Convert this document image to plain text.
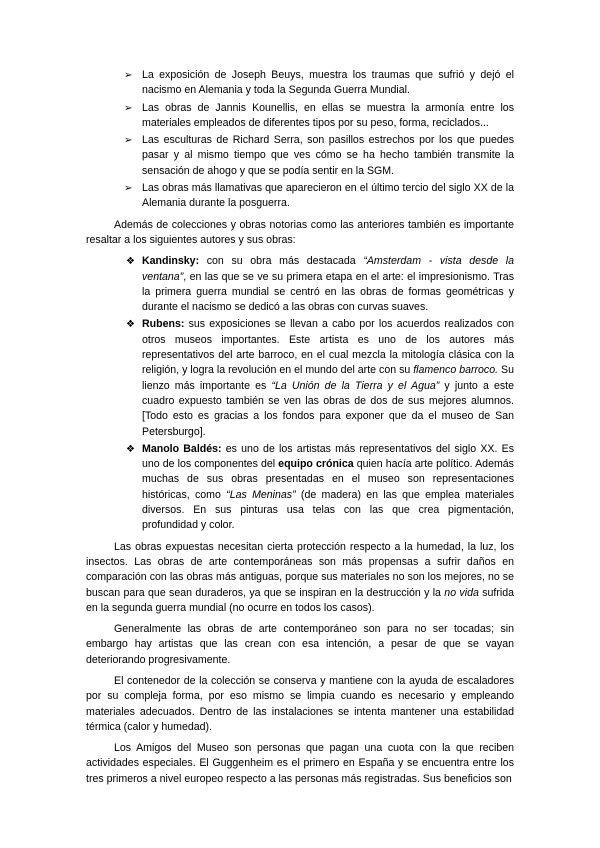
➢ La exposición de Joseph Beuys, muestra los traumas que sufrió y dejó el nacismo en Alemania y toda la Segunda Guerra Mundial.
➢ Las obras de Jannis Kounellis, en ellas se muestra la armonía entre los materiales empleados de diferentes tipos por su peso, forma, reciclados...
➢ Las esculturas de Richard Serra, son pasillos estrechos por los que puedes pasar y al mismo tiempo que ves cómo se ha hecho también transmite la sensación de ahogo y que se podía sentir en la SGM.
➢ Las obras más llamativas que aparecieron en el último tercio del siglo XX de la Alemania durante la posguerra.

Además de colecciones y obras notorias como las anteriores también es importante resaltar a los siguientes autores y sus obras:

❖ Kandinsky: con su obra más destacada “Amsterdam - vista desde la ventana”, en las que se ve su primera etapa en el arte: el impresionismo. Tras la primera guerra mundial se centró en las obras de formas geométricas y durante el nacismo se dedicó a las obras con curvas suaves.
❖ Rubens: sus exposiciones se llevan a cabo por los acuerdos realizados con otros museos importantes. Este artista es uno de los autores más representativos del arte barroco, en el cual mezcla la mitología clásica con la religión, y logra la revolución en el mundo del arte con su flamenco barroco. Su lienzo más importante es “La Unión de la Tierra y el Agua” y junto a este cuadro expuesto también se ven las obras de dos de sus mejores alumnos. [Todo esto es gracias a los fondos para exponer que da el museo de San Petersburgo].
❖ Manolo Baldés: es uno de los artistas más representativos del siglo XX. Es uno de los componentes del equipo crónica quien hacía arte político. Además muchas de sus obras presentadas en el museo son representaciones históricas, como “Las Meninas” (de madera) en las que emplea materiales diversos. En sus pinturas usa telas con las que crea pigmentación, profundidad y color.

Las obras expuestas necesitan cierta protección respecto a la humedad, la luz, los insectos. Las obras de arte contemporáneas son más propensas a sufrir daños en comparación con las obras más antiguas, porque sus materiales no son los mejores, no se buscan para que sean duraderos, ya que se inspiran en la destrucción y la no vida sufrida en la segunda guerra mundial (no ocurre en todos los casos).

Generalmente las obras de arte contemporáneo son para no ser tocadas; sin embargo hay artistas que las crean con esa intención, a pesar de que se vayan deteriorando progresivamente.

El contenedor de la colección se conserva y mantiene con la ayuda de escaladores por su compleja forma, por eso mismo se limpia cuando es necesario y empleando materiales adecuados. Dentro de las instalaciones se intenta mantener una estabilidad térmica (calor y humedad).

Los Amigos del Museo son personas que pagan una cuota con la que reciben actividades especiales. El Guggenheim es el primero en España y se encuentra entre los tres primeros a nivel europeo respecto a las personas más registradas. Sus beneficios son
